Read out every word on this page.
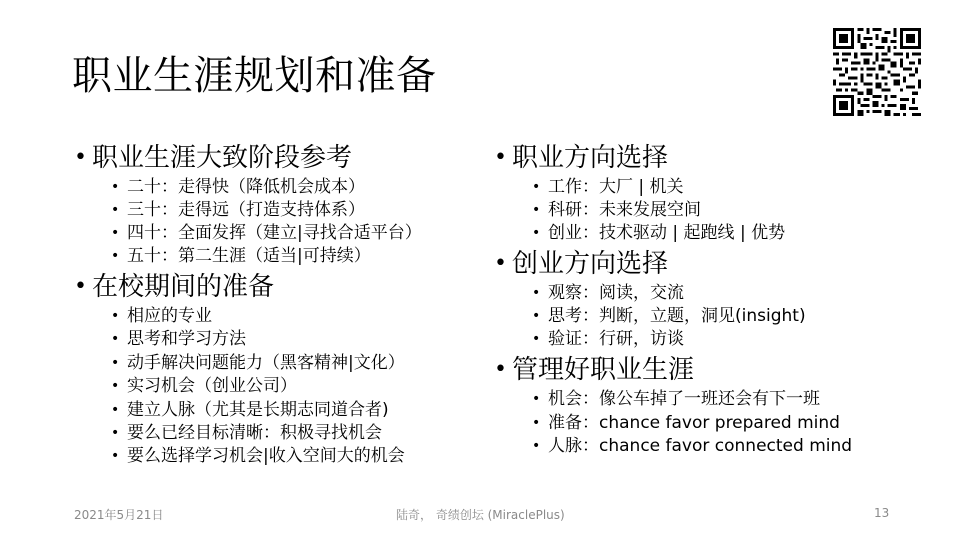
职业生涯规划和准备
• 职业生涯大致阶段参考
• 二十：走得快（降低机会成本）
• 三十：走得远（打造支持体系）
• 四十：全面发挥（建立|寻找合适平台）
• 五十：第二生涯（适当|可持续）
• 在校期间的准备
• 相应的专业
• 思考和学习方法
• 动手解决问题能力（黑客精神|文化）
• 实习机会（创业公司）
• 建立人脉（尤其是长期志同道合者)
• 要么已经目标清晰：积极寻找机会
• 要么选择学习机会|收入空间大的机会
• 职业方向选择
• 工作：大厂 | 机关
• 科研：未来发展空间
• 创业：技术驱动 | 起跑线 | 优势
• 创业方向选择
• 观察：阅读，交流
• 思考：判断，立题，洞见(insight)
• 验证：行研，访谈
• 管理好职业生涯
• 机会：像公车掉了一班还会有下一班
• 准备：chance favor prepared mind
• 人脉：chance favor connected mind
2021年5月21日	陆奇， 奇绩创坛 (MiraclePlus)	13
